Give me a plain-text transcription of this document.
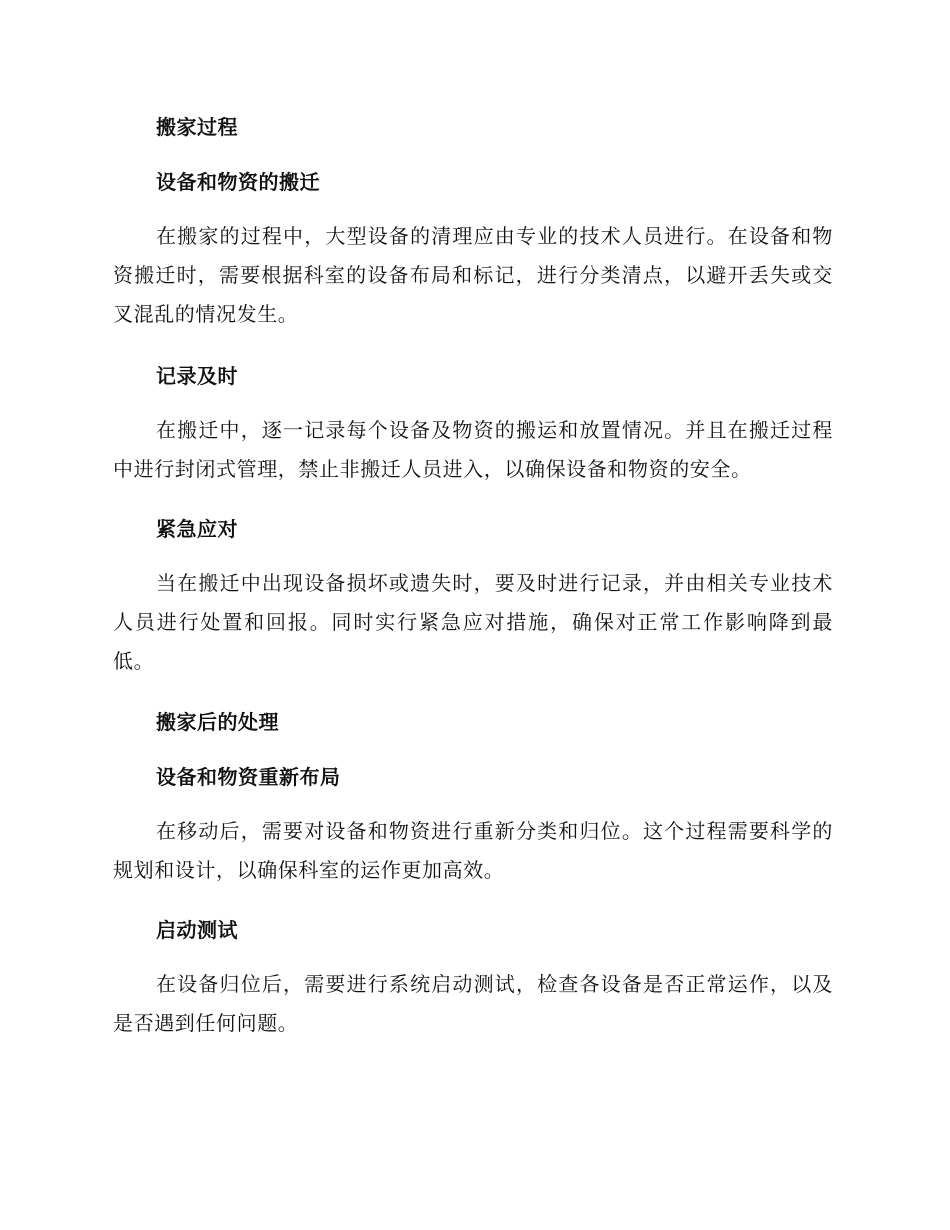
搬家过程
设备和物资的搬迁
在搬家的过程中，大型设备的清理应由专业的技术人员进行。在设备和物资搬迁时，需要根据科室的设备布局和标记，进行分类清点，以避开丢失或交叉混乱的情况发生。
记录及时
在搬迁中，逐一记录每个设备及物资的搬运和放置情况。并且在搬迁过程中进行封闭式管理，禁止非搬迁人员进入，以确保设备和物资的安全。
紧急应对
当在搬迁中出现设备损坏或遗失时，要及时进行记录，并由相关专业技术人员进行处置和回报。同时实行紧急应对措施，确保对正常工作影响降到最低。
搬家后的处理
设备和物资重新布局
在移动后，需要对设备和物资进行重新分类和归位。这个过程需要科学的规划和设计，以确保科室的运作更加高效。
启动测试
在设备归位后，需要进行系统启动测试，检查各设备是否正常运作，以及是否遇到任何问题。
